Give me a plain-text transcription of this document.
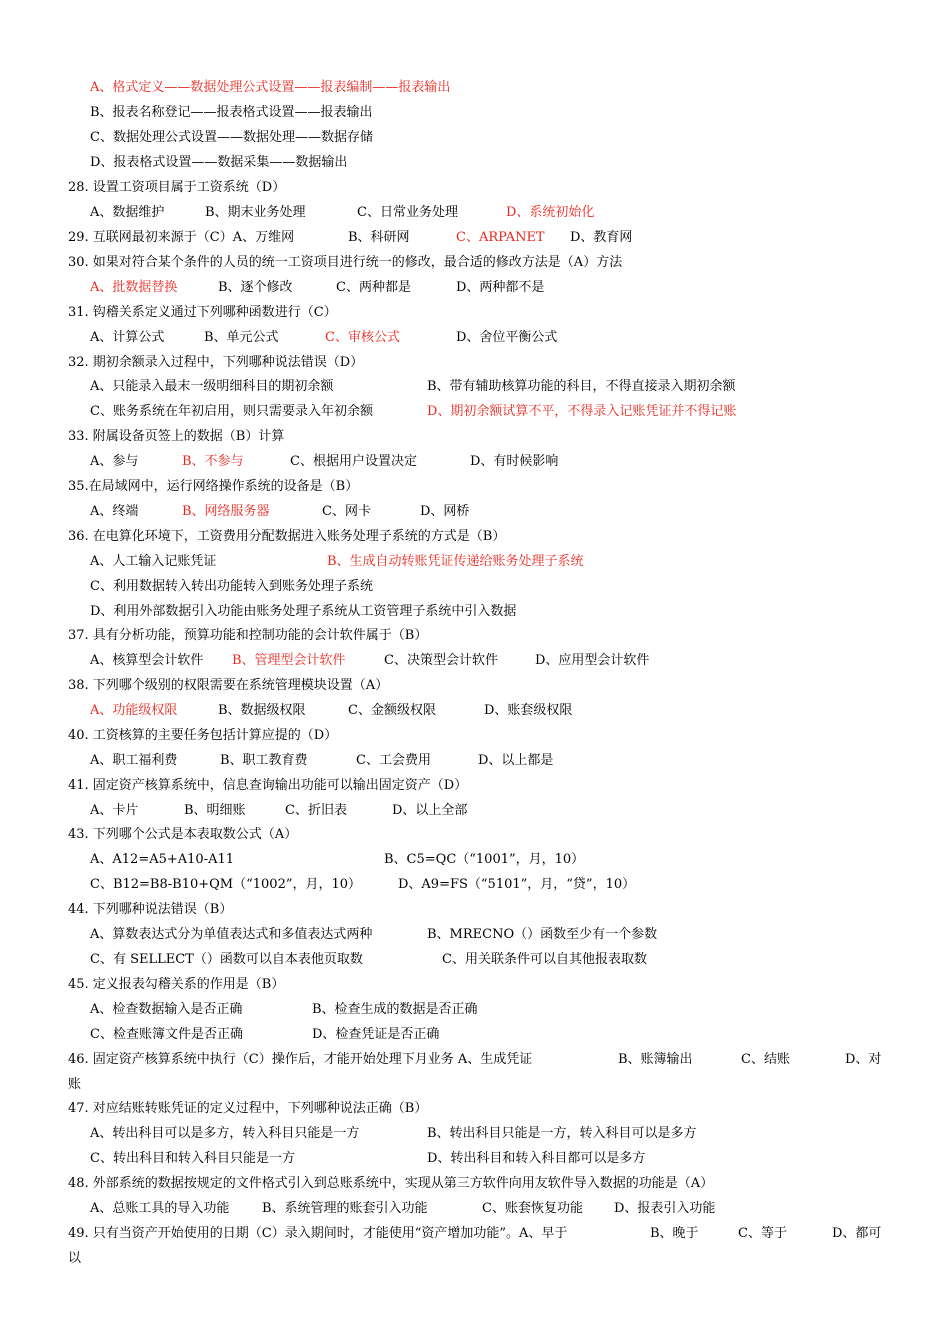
A、格式定义——数据处理公式设置——报表编制——报表输出
B、报表名称登记——报表格式设置——报表输出
C、数据处理公式设置——数据处理——数据存储
D、报表格式设置——数据采集——数据输出
28. 设置工资项目属于工资系统（D）
A、数据维护	B、期末业务处理	C、日常业务处理	D、系统初始化
29. 互联网最初来源于（C）A、万维网	B、科研网	C、ARPANET D、教育网
30. 如果对符合某个条件的人员的统一工资项目进行统一的修改，最合适的修改方法是（A）方法
A、批数据替换	B、逐个修改	C、两种都是	D、两种都不是
31. 钩稽关系定义通过下列哪种函数进行（C）
A、计算公式	B、单元公式	C、审核公式	D、舍位平衡公式
32. 期初余额录入过程中，下列哪种说法错误（D）
A、只能录入最末一级明细科目的期初余额	B、带有辅助核算功能的科目，不得直接录入期初余额
C、账务系统在年初启用，则只需要录入年初余额	D、期初余额试算不平，不得录入记账凭证并不得记账
33. 附属设备页签上的数据（B）计算
A、参与	B、不参与	C、根据用户设置决定	D、有时候影响
35.在局域网中，运行网络操作系统的设备是（B）
A、终端	B、网络服务器	C、网卡	D、网桥
36. 在电算化环境下，工资费用分配数据进入账务处理子系统的方式是（B）
A、人工输入记账凭证	B、生成自动转账凭证传递给账务处理子系统
C、利用数据转入转出功能转入到账务处理子系统
D、利用外部数据引入功能由账务处理子系统从工资管理子系统中引入数据
37. 具有分析功能，预算功能和控制功能的会计软件属于（B）
A、核算型会计软件 B、管理型会计软件	C、决策型会计软件	D、应用型会计软件
38. 下列哪个级别的权限需要在系统管理模块设置（A）
A、功能级权限	B、数据级权限	C、金额级权限	D、账套级权限
40. 工资核算的主要任务包括计算应提的（D）
A、职工福利费	B、职工教育费	C、工会费用	D、以上都是
41. 固定资产核算系统中，信息查询输出功能可以输出固定资产（D）
A、卡片	B、明细账	C、折旧表	D、以上全部
43. 下列哪个公式是本表取数公式（A）
A、A12=A5+A10-A11	B、C5=QC（“1001”，月，10）
C、B12=B8-B10+QM（“1002”，月，10）	D、A9=FS（“5101”，月，“贷”，10）
44. 下列哪种说法错误（B）
A、算数表达式分为单值表达式和多值表达式两种	B、MRECNO（）函数至少有一个参数
C、有 SELLECT（）函数可以自本表他页取数	C、用关联条件可以自其他报表取数
45. 定义报表勾稽关系的作用是（B）
A、检查数据输入是否正确	B、检查生成的数据是否正确
C、检查账簿文件是否正确	D、检查凭证是否正确
46. 固定资产核算系统中执行（C）操作后，才能开始处理下月业务 A、生成凭证	B、账簿输出	C、结账	D、对
账
47. 对应结账转账凭证的定义过程中，下列哪种说法正确（B）
A、转出科目可以是多方，转入科目只能是一方	B、转出科目只能是一方，转入科目可以是多方
C、转出科目和转入科目只能是一方	D、转出科目和转入科目都可以是多方
48. 外部系统的数据按规定的文件格式引入到总账系统中，实现从第三方软件向用友软件导入数据的功能是（A）
A、总账工具的导入功能	B、系统管理的账套引入功能	C、账套恢复功能 D、报表引入功能
49. 只有当资产开始使用的日期（C）录入期间时，才能使用“资产增加功能”。A、早于	B、晚于	C、等于	D、都可
以
